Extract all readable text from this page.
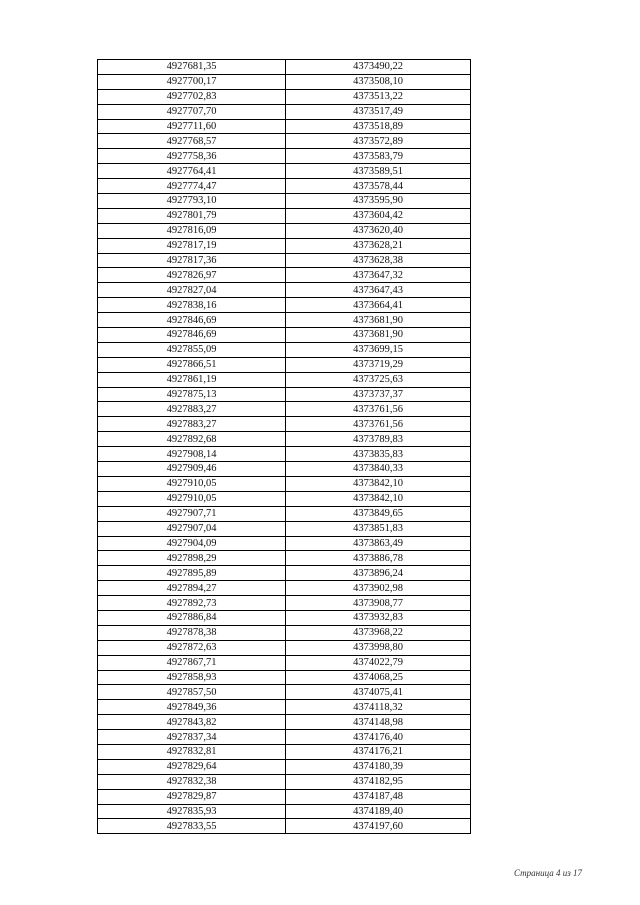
4927681,35	4373490,22
4927700,17	4373508,10
4927702,83	4373513,22
4927707,70	4373517,49
4927711,60	4373518,89
4927768,57	4373572,89
4927758,36	4373583,79
4927764,41	4373589,51
4927774,47	4373578,44
4927793,10	4373595,90
4927801,79	4373604,42
4927816,09	4373620,40
4927817,19	4373628,21
4927817,36	4373628,38
4927826,97	4373647,32
4927827,04	4373647,43
4927838,16	4373664,41
4927846,69	4373681,90
4927846,69	4373681,90
4927855,09	4373699,15
4927866,51	4373719,29
4927861,19	4373725,63
4927875,13	4373737,37
4927883,27	4373761,56
4927883,27	4373761,56
4927892,68	4373789,83
4927908,14	4373835,83
4927909,46	4373840,33
4927910,05	4373842,10
4927910,05	4373842,10
4927907,71	4373849,65
4927907,04	4373851,83
4927904,09	4373863,49
4927898,29	4373886,78
4927895,89	4373896,24
4927894,27	4373902,98
4927892,73	4373908,77
4927886,84	4373932,83
4927878,38	4373968,22
4927872,63	4373998,80
4927867,71	4374022,79
4927858,93	4374068,25
4927857,50	4374075,41
4927849,36	4374118,32
4927843,82	4374148,98
4927837,34	4374176,40
4927832,81	4374176,21
4927829,64	4374180,39
4927832,38	4374182,95
4927829,87	4374187,48
4927835,93	4374189,40
4927833,55	4374197,60
Страница 4 из 17
